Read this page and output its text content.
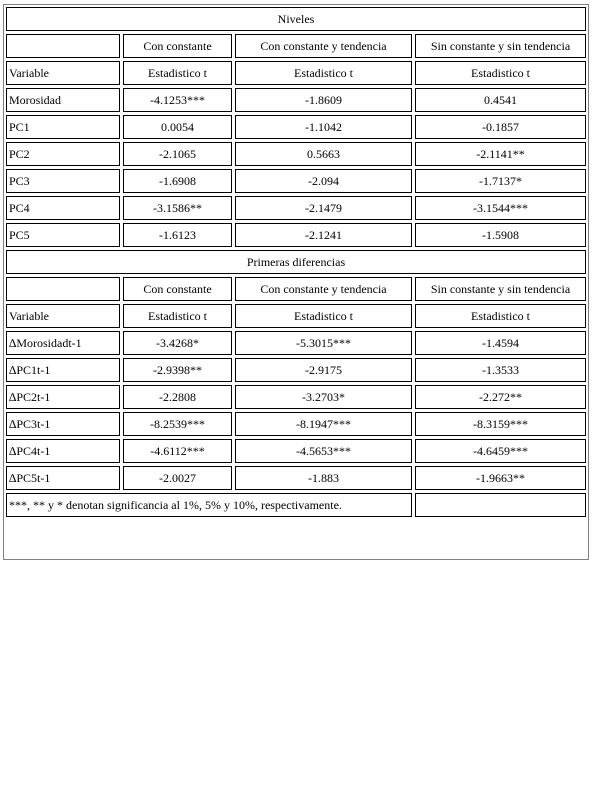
Niveles			
	Con constante	Con constante y tendencia	Sin constante y sin tendencia
Variable	Estadistico t	Estadistico t	Estadistico t
Morosidad	-4.1253***	-1.8609	0.4541
PC1	0.0054	-1.1042	-0.1857
PC2	-2.1065	0.5663	-2.1141**
PC3	-1.6908	-2.094	-1.7137*
PC4	-3.1586**	-2.1479	-3.1544***
PC5	-1.6123	-2.1241	-1.5908
Primeras diferencias			
	Con constante	Con constante y tendencia	Sin constante y sin tendencia
Variable	Estadistico t	Estadistico t	Estadistico t
∆Morosidadt-1	-3.4268*	-5.3015***	-1.4594
∆PC1t-1	-2.9398**	-2.9175	-1.3533
∆PC2t-1	-2.2808	-3.2703*	-2.272**
∆PC3t-1	-8.2539***	-8.1947***	-8.3159***
∆PC4t-1	-4.6112***	-4.5653***	-4.6459***
∆PC5t-1	-2.0027	-1.883	-1.9663**
***, ** y * denotan significancia al 1%, 5% y 10%, respectivamente.			
